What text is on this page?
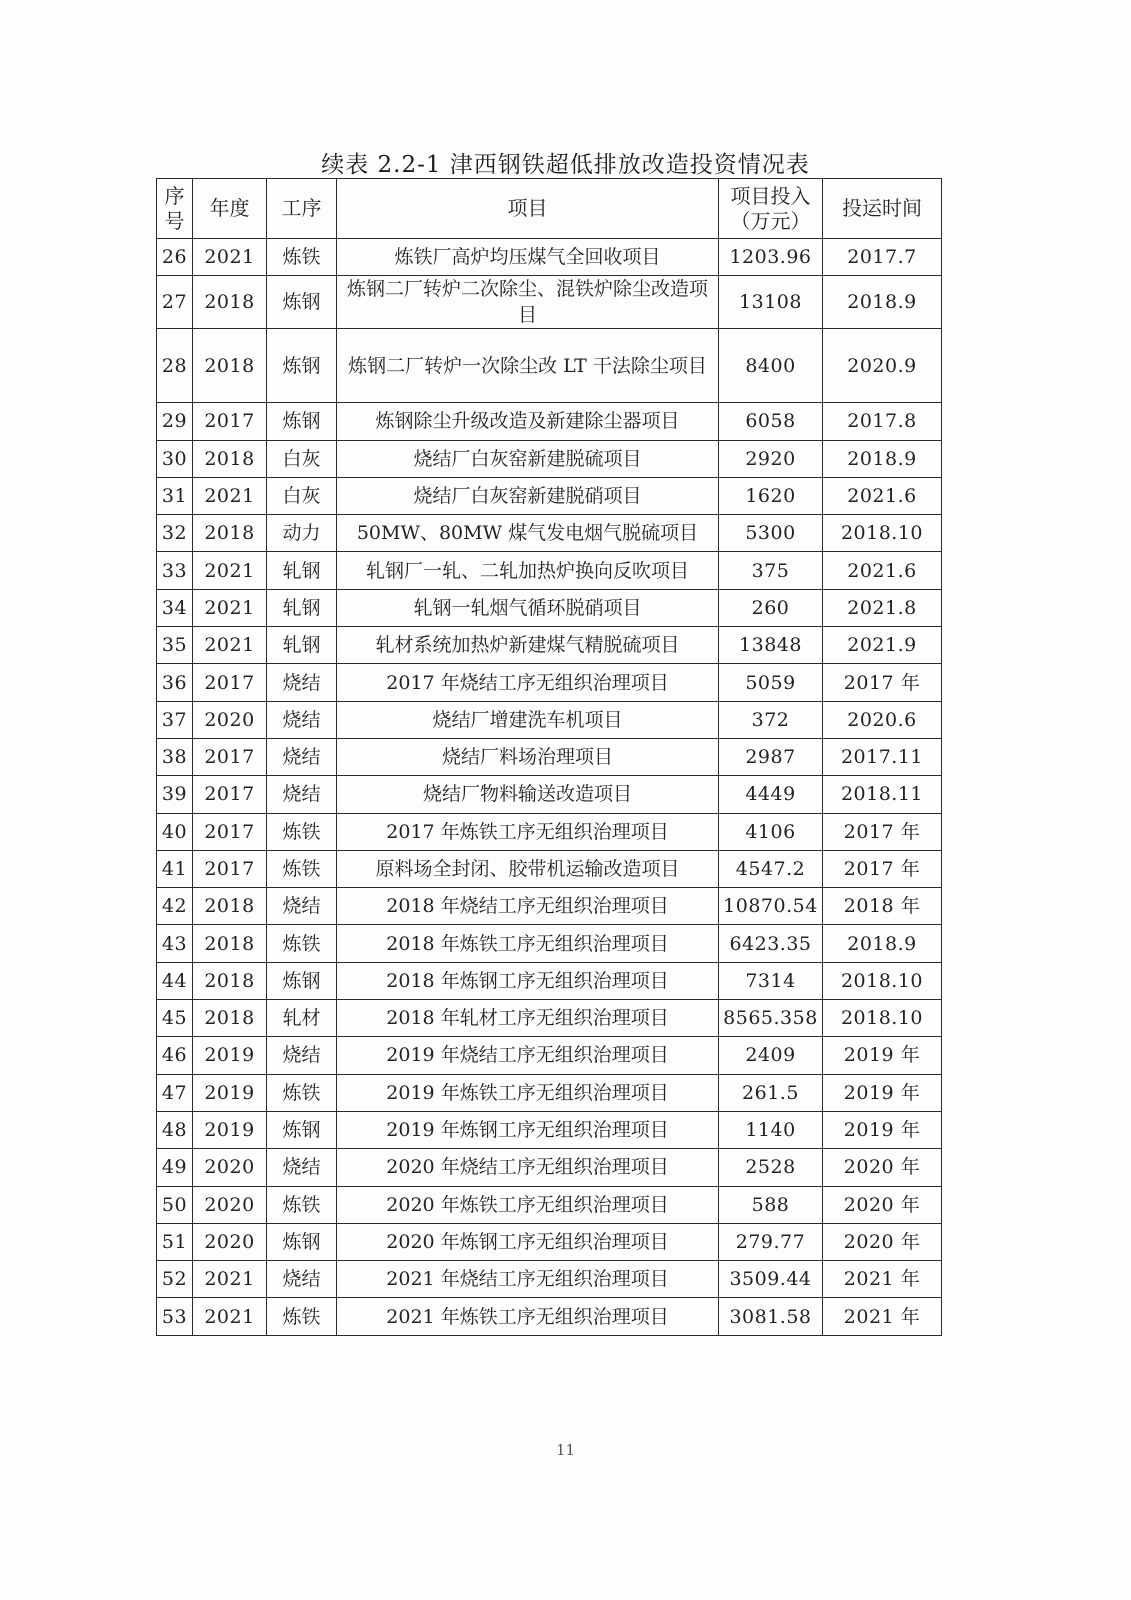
续表 2.2-1 津西钢铁超低排放改造投资情况表
序号	年度	工序	项目	项目投入（万元）	投运时间
26	2021	炼铁	炼铁厂高炉均压煤气全回收项目	1203.96	2017.7
27	2018	炼钢	炼钢二厂转炉二次除尘、混铁炉除尘改造项目	13108	2018.9
28	2018	炼钢	炼钢二厂转炉一次除尘改 LT 干法除尘项目	8400	2020.9
29	2017	炼钢	炼钢除尘升级改造及新建除尘器项目	6058	2017.8
30	2018	白灰	烧结厂白灰窑新建脱硫项目	2920	2018.9
31	2021	白灰	烧结厂白灰窑新建脱硝项目	1620	2021.6
32	2018	动力	50MW、80MW 煤气发电烟气脱硫项目	5300	2018.10
33	2021	轧钢	轧钢厂一轧、二轧加热炉换向反吹项目	375	2021.6
34	2021	轧钢	轧钢一轧烟气循环脱硝项目	260	2021.8
35	2021	轧钢	轧材系统加热炉新建煤气精脱硫项目	13848	2021.9
36	2017	烧结	2017 年烧结工序无组织治理项目	5059	2017 年
37	2020	烧结	烧结厂增建洗车机项目	372	2020.6
38	2017	烧结	烧结厂料场治理项目	2987	2017.11
39	2017	烧结	烧结厂物料输送改造项目	4449	2018.11
40	2017	炼铁	2017 年炼铁工序无组织治理项目	4106	2017 年
41	2017	炼铁	原料场全封闭、胶带机运输改造项目	4547.2	2017 年
42	2018	烧结	2018 年烧结工序无组织治理项目	10870.54	2018 年
43	2018	炼铁	2018 年炼铁工序无组织治理项目	6423.35	2018.9
44	2018	炼钢	2018 年炼钢工序无组织治理项目	7314	2018.10
45	2018	轧材	2018 年轧材工序无组织治理项目	8565.358	2018.10
46	2019	烧结	2019 年烧结工序无组织治理项目	2409	2019 年
47	2019	炼铁	2019 年炼铁工序无组织治理项目	261.5	2019 年
48	2019	炼钢	2019 年炼钢工序无组织治理项目	1140	2019 年
49	2020	烧结	2020 年烧结工序无组织治理项目	2528	2020 年
50	2020	炼铁	2020 年炼铁工序无组织治理项目	588	2020 年
51	2020	炼钢	2020 年炼钢工序无组织治理项目	279.77	2020 年
52	2021	烧结	2021 年烧结工序无组织治理项目	3509.44	2021 年
53	2021	炼铁	2021 年炼铁工序无组织治理项目	3081.58	2021 年
11
